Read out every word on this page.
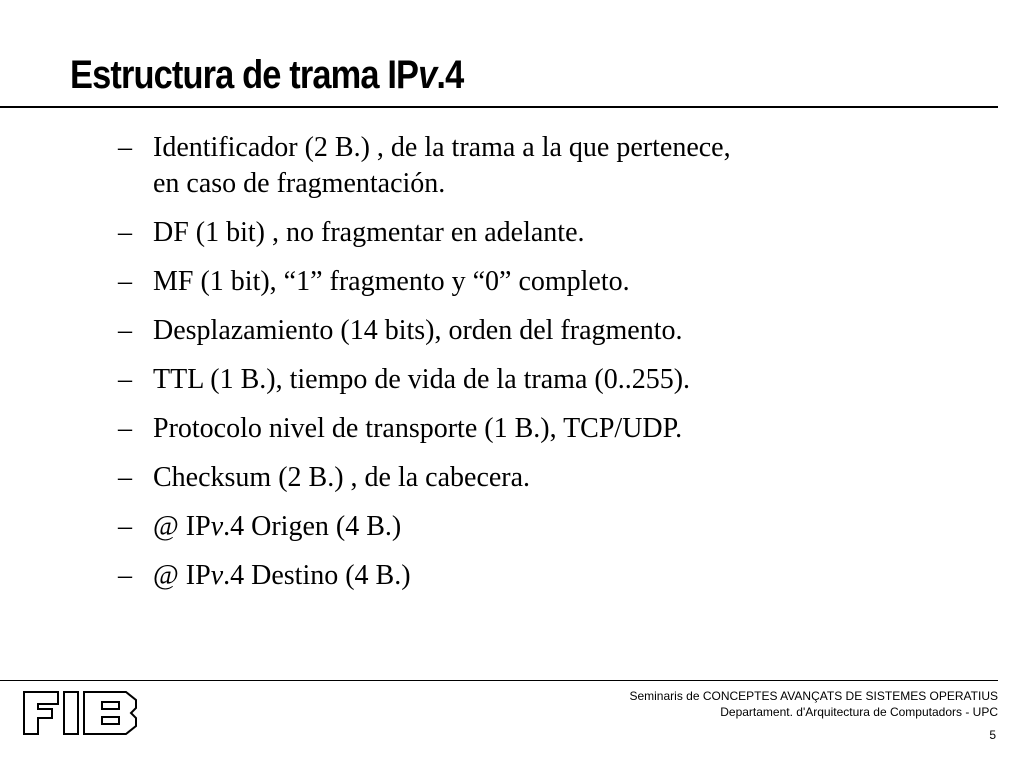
Estructura de trama IPv.4
– Identificador (2 B.) , de la trama a la que pertenece,
en caso de fragmentación.
– DF (1 bit) , no fragmentar en adelante.
– MF (1 bit), “1” fragmento y “0” completo.
– Desplazamiento (14 bits), orden del fragmento.
– TTL (1 B.), tiempo de vida de la trama (0..255).
– Protocolo nivel de transporte (1 B.), TCP/UDP.
– Checksum (2 B.) , de la cabecera.
– @ IPv.4 Origen (4 B.)
– @ IPv.4 Destino (4 B.)
Seminaris de CONCEPTES AVANÇATS DE SISTEMES OPERATIUS
Departament. d'Arquitectura de Computadors - UPC
5
